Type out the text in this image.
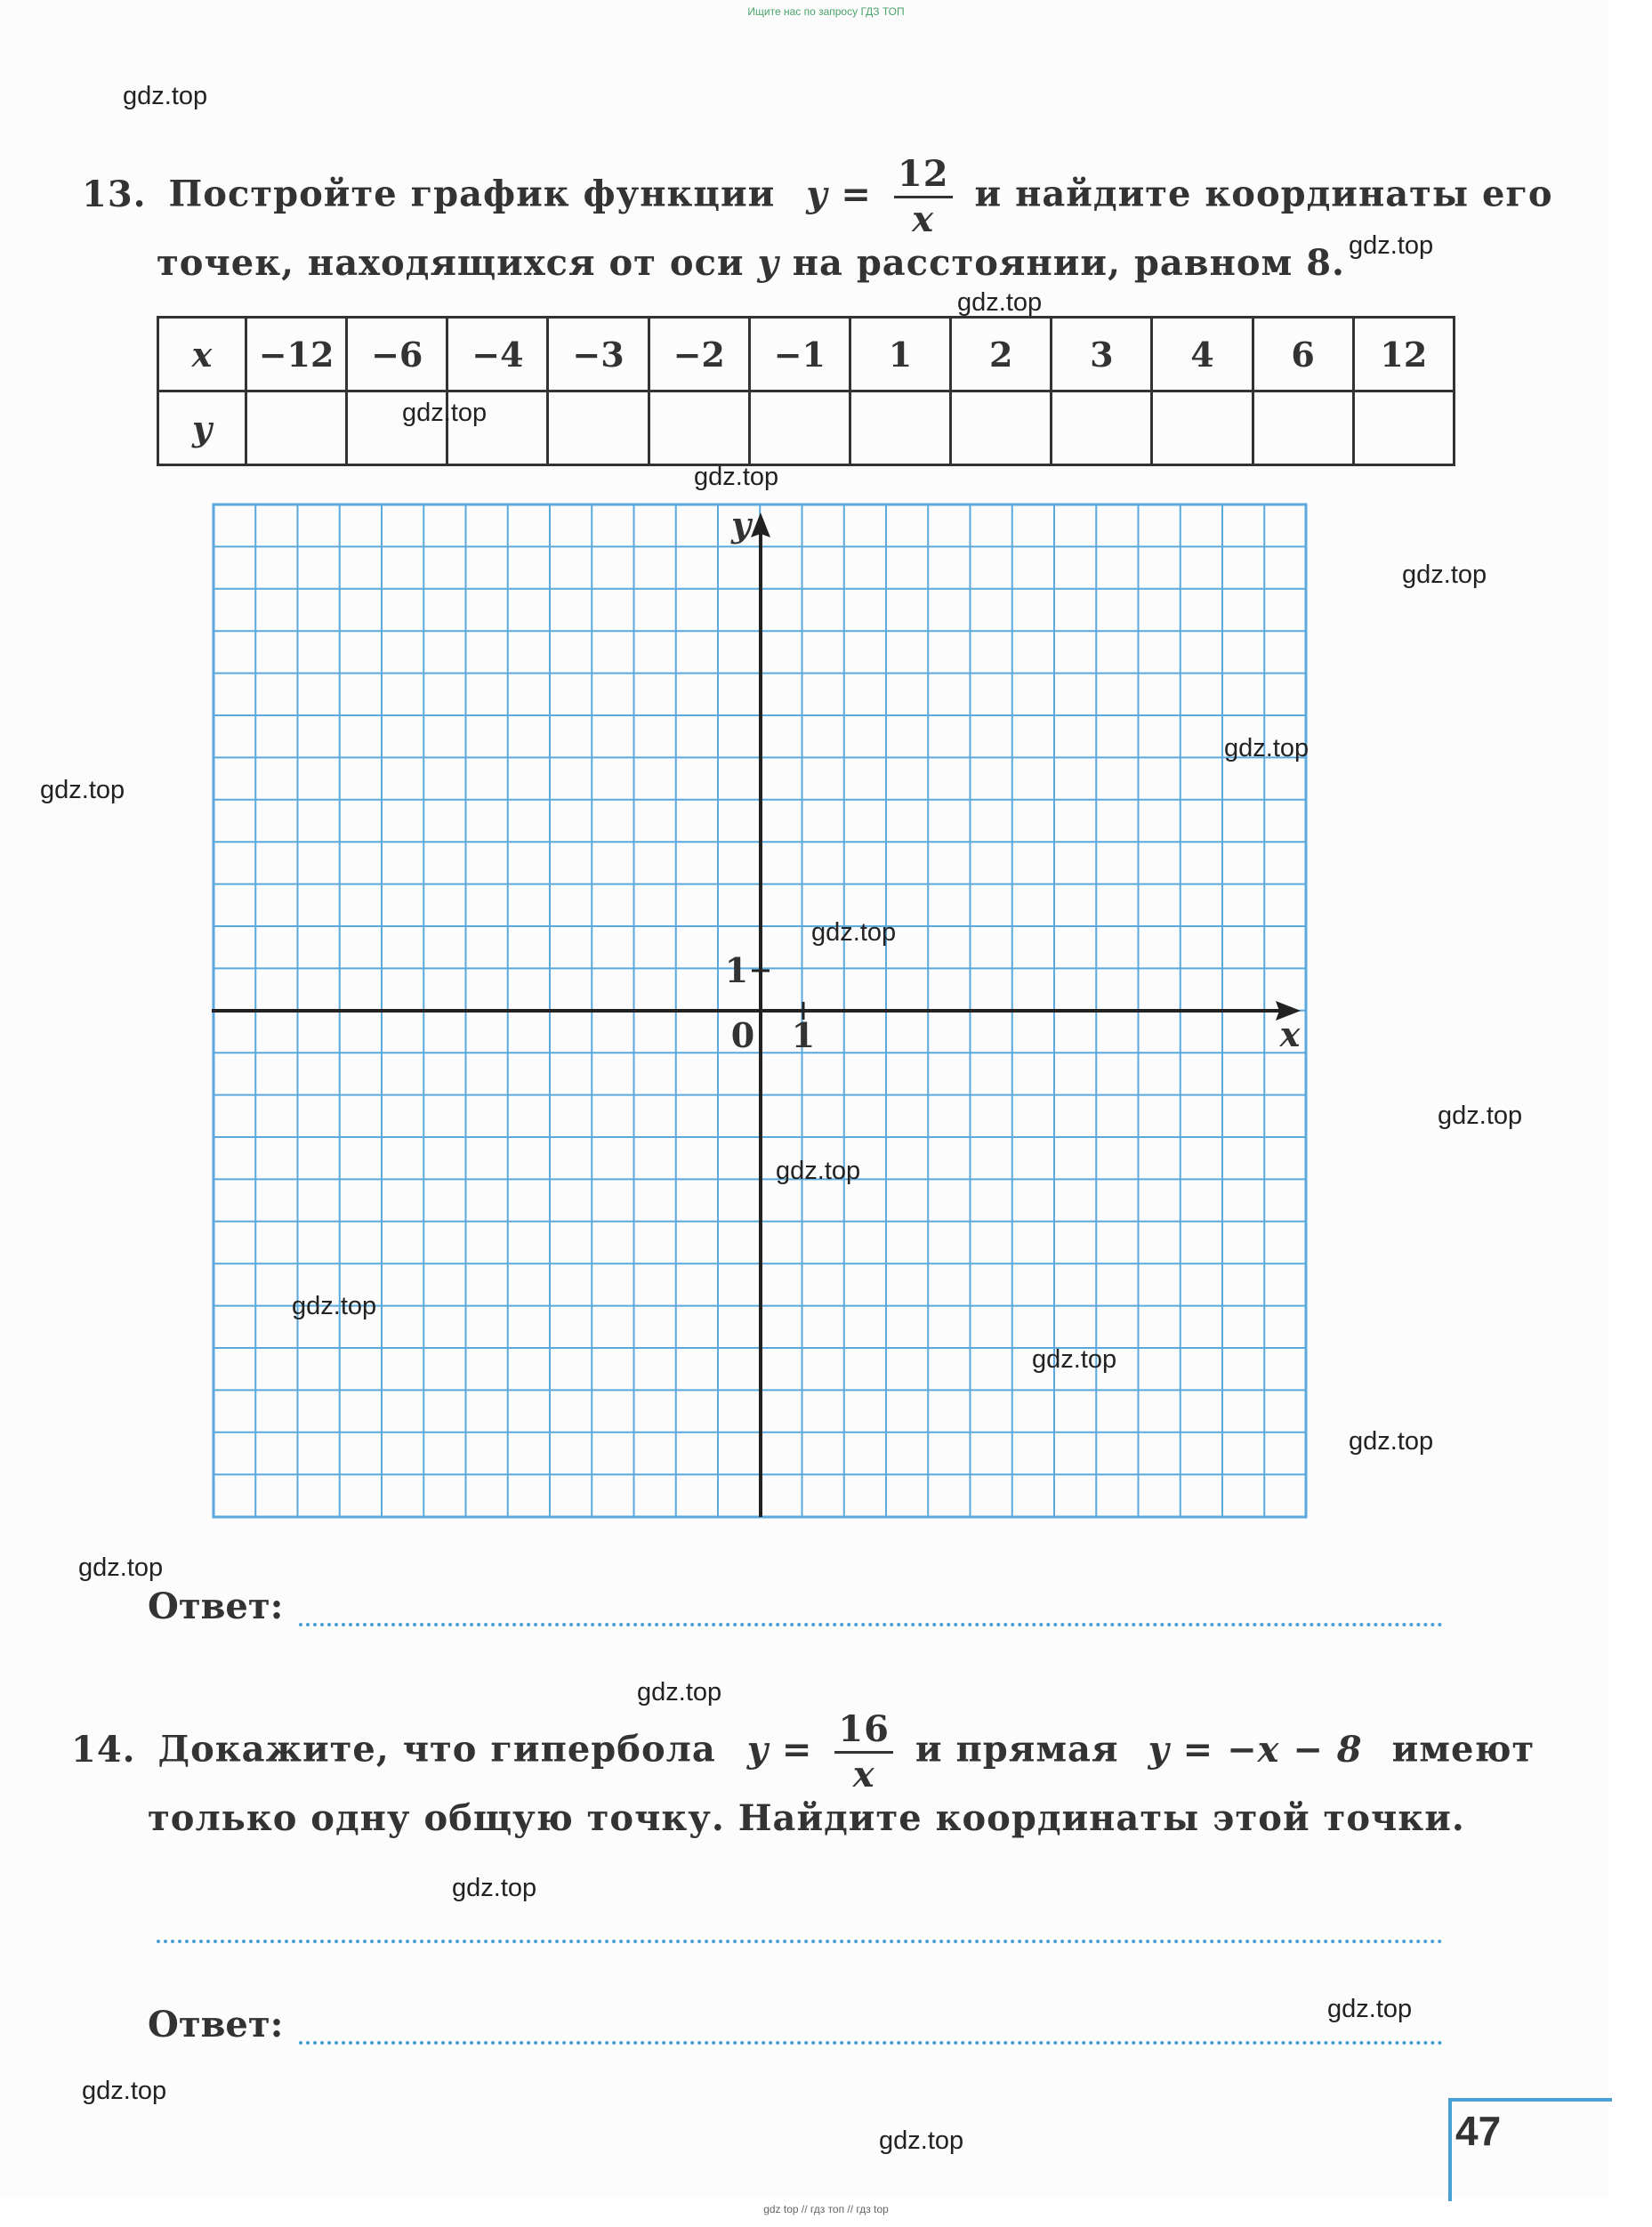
Ищите нас по запросу ГДЗ ТОП
13. Постройте график функции $y = \frac{12}{x}$ и найдите координаты его
точек, находящихся от оси y на расстоянии, равном 8.
x	−12	−6	−4	−3	−2	−1	1	2	3	4	6	12
y												
x
y
0 1
1
Ответ:
14. Докажите, что гипербола $y = \frac{16}{x}$ и прямая y = −x − 8 имеют
только одну общую точку. Найдите координаты этой точки.
Ответ:
47
gdz.top
gdz.top
gdz.top
gdz.top
gdz.top
gdz.top
gdz.top
gdz.top
gdz.top
gdz.top
gdz.top
gdz.top
gdz.top
gdz.top
gdz.top
gdz.top
gdz.top
gdz.top
gdz.top
gdz.top
gdz top // гдз топ // гдз top
